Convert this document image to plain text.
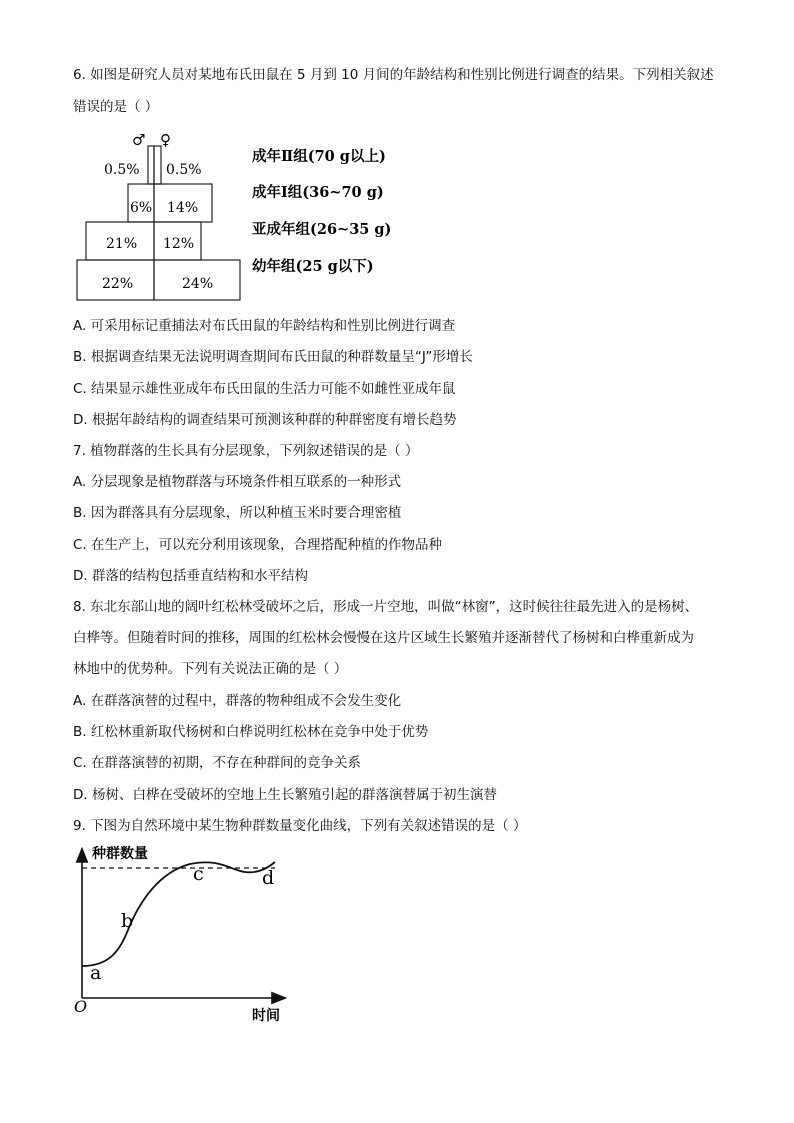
6. 如图是研究人员对某地布氏田鼠在 5 月到 10 月间的年龄结构和性别比例进行调查的结果。下列相关叙述
错误的是（ ）
♂ ♀
0.5% 0.5%
6% 14%
21% 12%
22%	24%
成年Ⅱ组(70 g以上)
成年Ⅰ组(36~70 g)
亚成年组(26~35 g)
幼年组(25 g以下)
A. 可采用标记重捕法对布氏田鼠的年龄结构和性别比例进行调查
B. 根据调查结果无法说明调查期间布氏田鼠的种群数量呈“J”形增长
C. 结果显示雄性亚成年布氏田鼠的生活力可能不如雌性亚成年鼠
D. 根据年龄结构的调查结果可预测该种群的种群密度有增长趋势
7. 植物群落的生长具有分层现象，下列叙述错误的是（ ）
A. 分层现象是植物群落与环境条件相互联系的一种形式
B. 因为群落具有分层现象，所以种植玉米时要合理密植
C. 在生产上，可以充分利用该现象，合理搭配种植的作物品种
D. 群落的结构包括垂直结构和水平结构
8. 东北东部山地的阔叶红松林受破坏之后，形成一片空地，叫做“林窗”，这时候往往最先进入的是杨树、
白桦等。但随着时间的推移，周围的红松林会慢慢在这片区域生长繁殖并逐渐替代了杨树和白桦重新成为
林地中的优势种。下列有关说法正确的是（ ）
A. 在群落演替的过程中，群落的物种组成不会发生变化
B. 红松林重新取代杨树和白桦说明红松林在竞争中处于优势
C. 在群落演替的初期，不存在种群间的竞争关系
D. 杨树、白桦在受破坏的空地上生长繁殖引起的群落演替属于初生演替
9. 下图为自然环境中某生物种群数量变化曲线，下列有关叙述错误的是（ ）
种群数量
时间
O
a
b
c	d
